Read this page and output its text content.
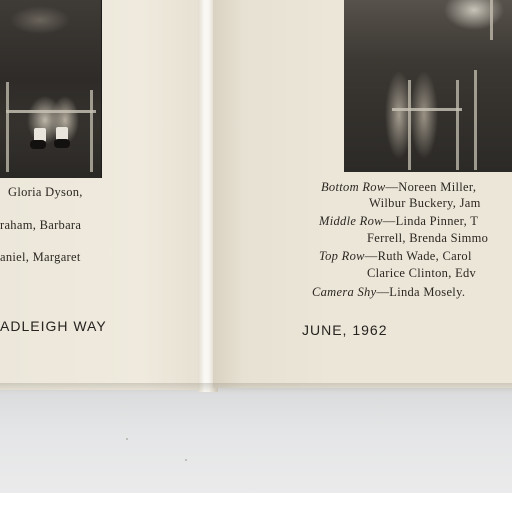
Gloria Dyson,
raham, Barbara
aniel, Margaret
ADLEIGH WAY
Bottom Row—Noreen Miller,
Wilbur Buckery, Jam
Middle Row—Linda Pinner, T
Ferrell, Brenda Simmo
Top Row—Ruth Wade, Carol
Clarice Clinton, Edv
Camera Shy—Linda Mosely.
JUNE, 1962
